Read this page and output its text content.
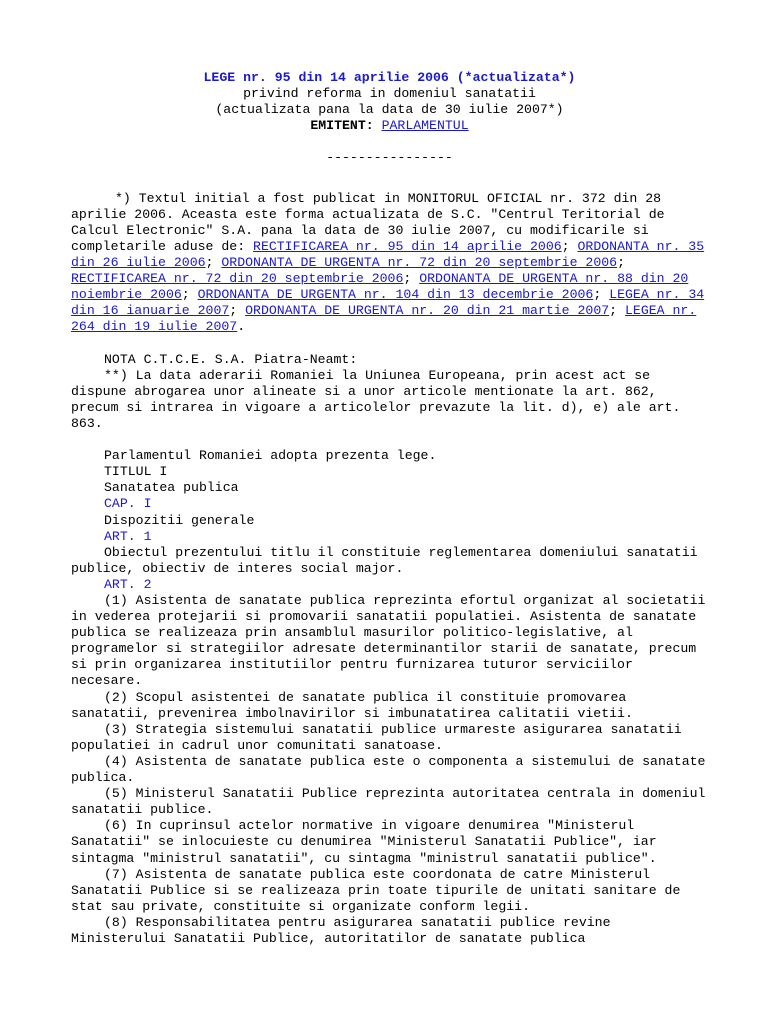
LEGE nr. 95 din 14 aprilie 2006 (*actualizata*)

privind reforma in domeniul sanatatii

(actualizata pana la data de 30 iulie 2007*)

EMITENT: PARLAMENTUL

----------------

*) Textul initial a fost publicat in MONITORUL OFICIAL nr. 372 din 28 aprilie 2006. Aceasta este forma actualizata de S.C. "Centrul Teritorial de Calcul Electronic" S.A. pana la data de 30 iulie 2007, cu modificarile si completarile aduse de: RECTIFICAREA nr. 95 din 14 aprilie 2006; ORDONANTA nr. 35 din 26 iulie 2006; ORDONANTA DE URGENTA nr. 72 din 20 septembrie 2006; RECTIFICAREA nr. 72 din 20 septembrie 2006; ORDONANTA DE URGENTA nr. 88 din 20 noiembrie 2006; ORDONANTA DE URGENTA nr. 104 din 13 decembrie 2006; LEGEA nr. 34 din 16 ianuarie 2007; ORDONANTA DE URGENTA nr. 20 din 21 martie 2007; LEGEA nr. 264 din 19 iulie 2007.

NOTA C.T.C.E. S.A. Piatra-Neamt:

**) La data aderarii Romaniei la Uniunea Europeana, prin acest act se dispune abrogarea unor alineate si a unor articole mentionate la art. 862, precum si intrarea in vigoare a articolelor prevazute la lit. d), e) ale art. 863.

Parlamentul Romaniei adopta prezenta lege.

TITLUL I

Sanatatea publica

CAP. I

Dispozitii generale

ART. 1

Obiectul prezentului titlu il constituie reglementarea domeniului sanatatii publice, obiectiv de interes social major.

ART. 2

(1) Asistenta de sanatate publica reprezinta efortul organizat al societatii in vederea protejarii si promovarii sanatatii populatiei. Asistenta de sanatate publica se realizeaza prin ansamblul masurilor politico-legislative, al programelor si strategiilor adresate determinantilor starii de sanatate, precum si prin organizarea institutiilor pentru furnizarea tuturor serviciilor necesare.

(2) Scopul asistentei de sanatate publica il constituie promovarea sanatatii, prevenirea imbolnavirilor si imbunatatirea calitatii vietii.

(3) Strategia sistemului sanatatii publice urmareste asigurarea sanatatii populatiei in cadrul unor comunitati sanatoase.

(4) Asistenta de sanatate publica este o componenta a sistemului de sanatate publica.

(5) Ministerul Sanatatii Publice reprezinta autoritatea centrala in domeniul sanatatii publice.

(6) In cuprinsul actelor normative in vigoare denumirea "Ministerul Sanatatii" se inlocuieste cu denumirea "Ministerul Sanatatii Publice", iar sintagma "ministrul sanatatii", cu sintagma "ministrul sanatatii publice".

(7) Asistenta de sanatate publica este coordonata de catre Ministerul Sanatatii Publice si se realizeaza prin toate tipurile de unitati sanitare de stat sau private, constituite si organizate conform legii.

(8) Responsabilitatea pentru asigurarea sanatatii publice revine Ministerului Sanatatii Publice, autoritatilor de sanatate publica
